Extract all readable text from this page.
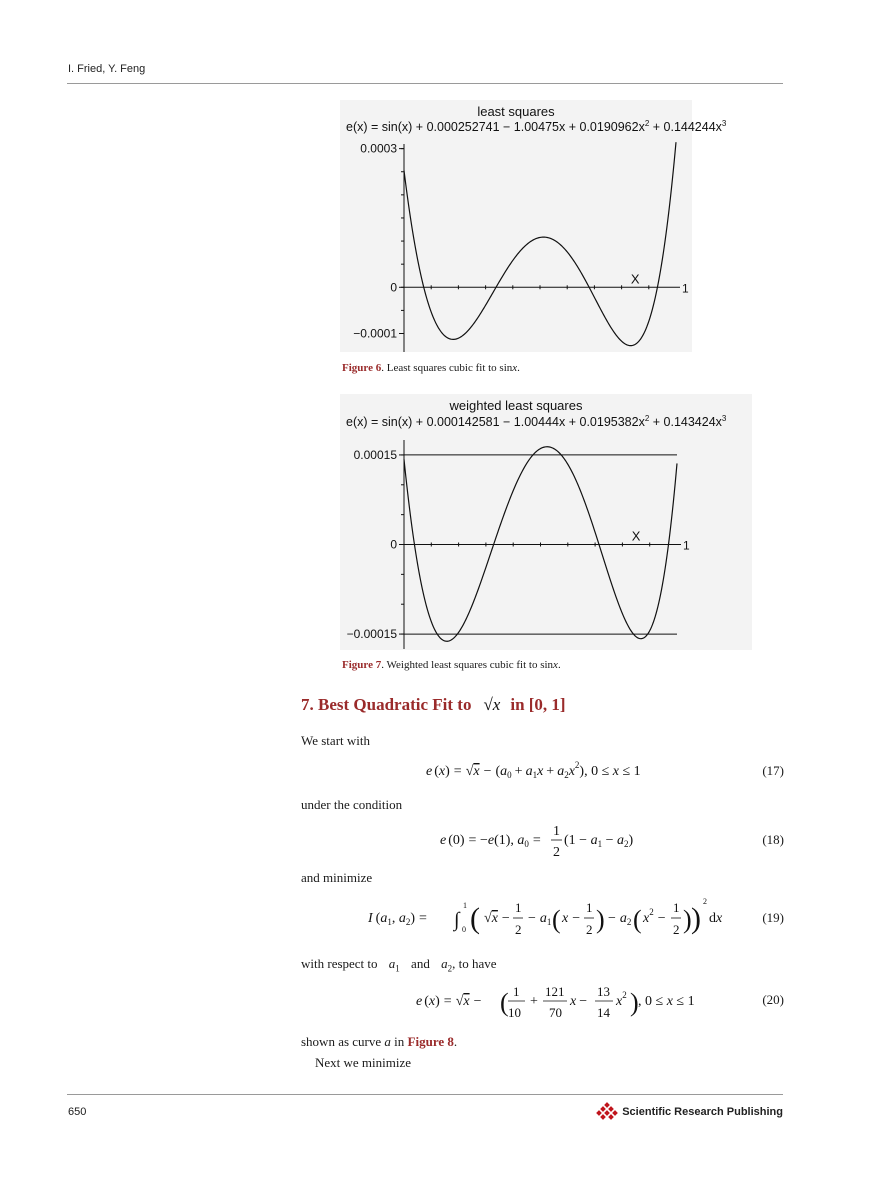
I. Fried, Y. Feng
least squares
$e(x) = \sin(x) + 0.000252741 - 1.00475x + 0.0190962x^2 + 0.144244x^3$
0.0003
0
−0.0001
1
X
Figure 6. Least squares cubic fit to sinx.
weighted least squares
$e(x) = \sin(x) + 0.000142581 - 1.00444x + 0.0195382x^2 + 0.143424x^3$
0.00015
0
−0.00015
1
X
Figure 7. Weighted least squares cubic fit to sinx.
7. Best Quadratic Fit to √x in [0, 1]
We start with
e $(x) = √x - (a_0 + a_1x + a_2x^2)$, 0 ≤ x ≤ 1	(17)
under the condition
e (0) = −e(1), $a_0$ =
1
2
$(1 - a_1 - a_2)$	(18)
and minimize
I ($a_1$, $a_2$) = ∫
1
0 ( √x −
1
2
− $a_1$ ( x −
1
2 ) − $a_2$ ( $x^2$ −
1
2 ) )
2
dx	(19)
with respect to $a_1$ and $a_2$, to have
e (x) = √x − ( 1
10
+
121
70
x −
13
14
$x^2$ ) , 0 ≤ x ≤ 1	(20)
shown as curve a in Figure 8.
Next we minimize
650	Scientific Research Publishing
